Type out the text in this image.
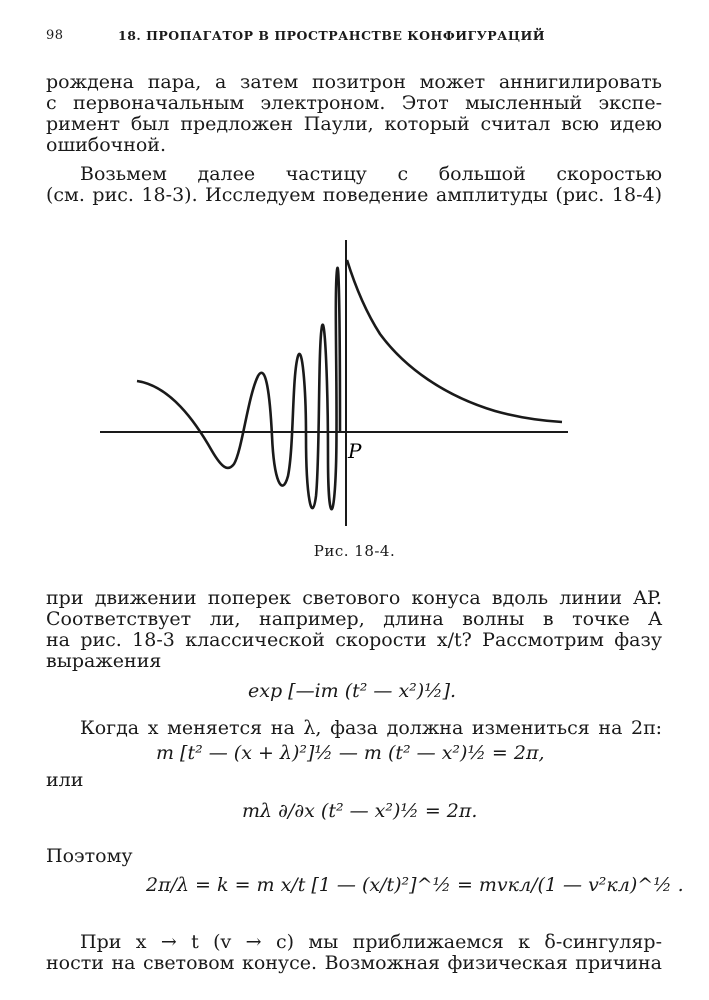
98	18. ПРОПАГАТОР В ПРОСТРАНСТВЕ КОНФИГУРАЦИЙ
рождена пара, а затем позитрон может аннигилировать
с первоначальным электроном. Этот мысленный экспе-
римент был предложен Паули, который считал всю идею
ошибочной.
Возьмем далее частицу с большой скоростью
(см. рис. 18-3). Исследуем поведение амплитуды (рис. 18-4)
P
Рис. 18-4.
при движении поперек светового конуса вдоль линии AP.
Соответствует ли, например, длина волны в точке A
на рис. 18-3 классической скорости x/t? Рассмотрим фазу
выражения
exp [—im (t² — x²)½].
Когда x меняется на λ, фаза должна измениться на 2π:
m [t² — (x + λ)²]½ — m (t² — x²)½ = 2π,
или
mλ ∂/∂x (t² — x²)½ = 2π.
Поэтому
2π/λ = k = m x/t [1 — (x/t)²]^½ = mvкл/(1 — v²кл)^½ .
При x → t (v → c) мы приближаемся к δ-сингуляр-
ности на световом конусе. Возможная физическая причина
